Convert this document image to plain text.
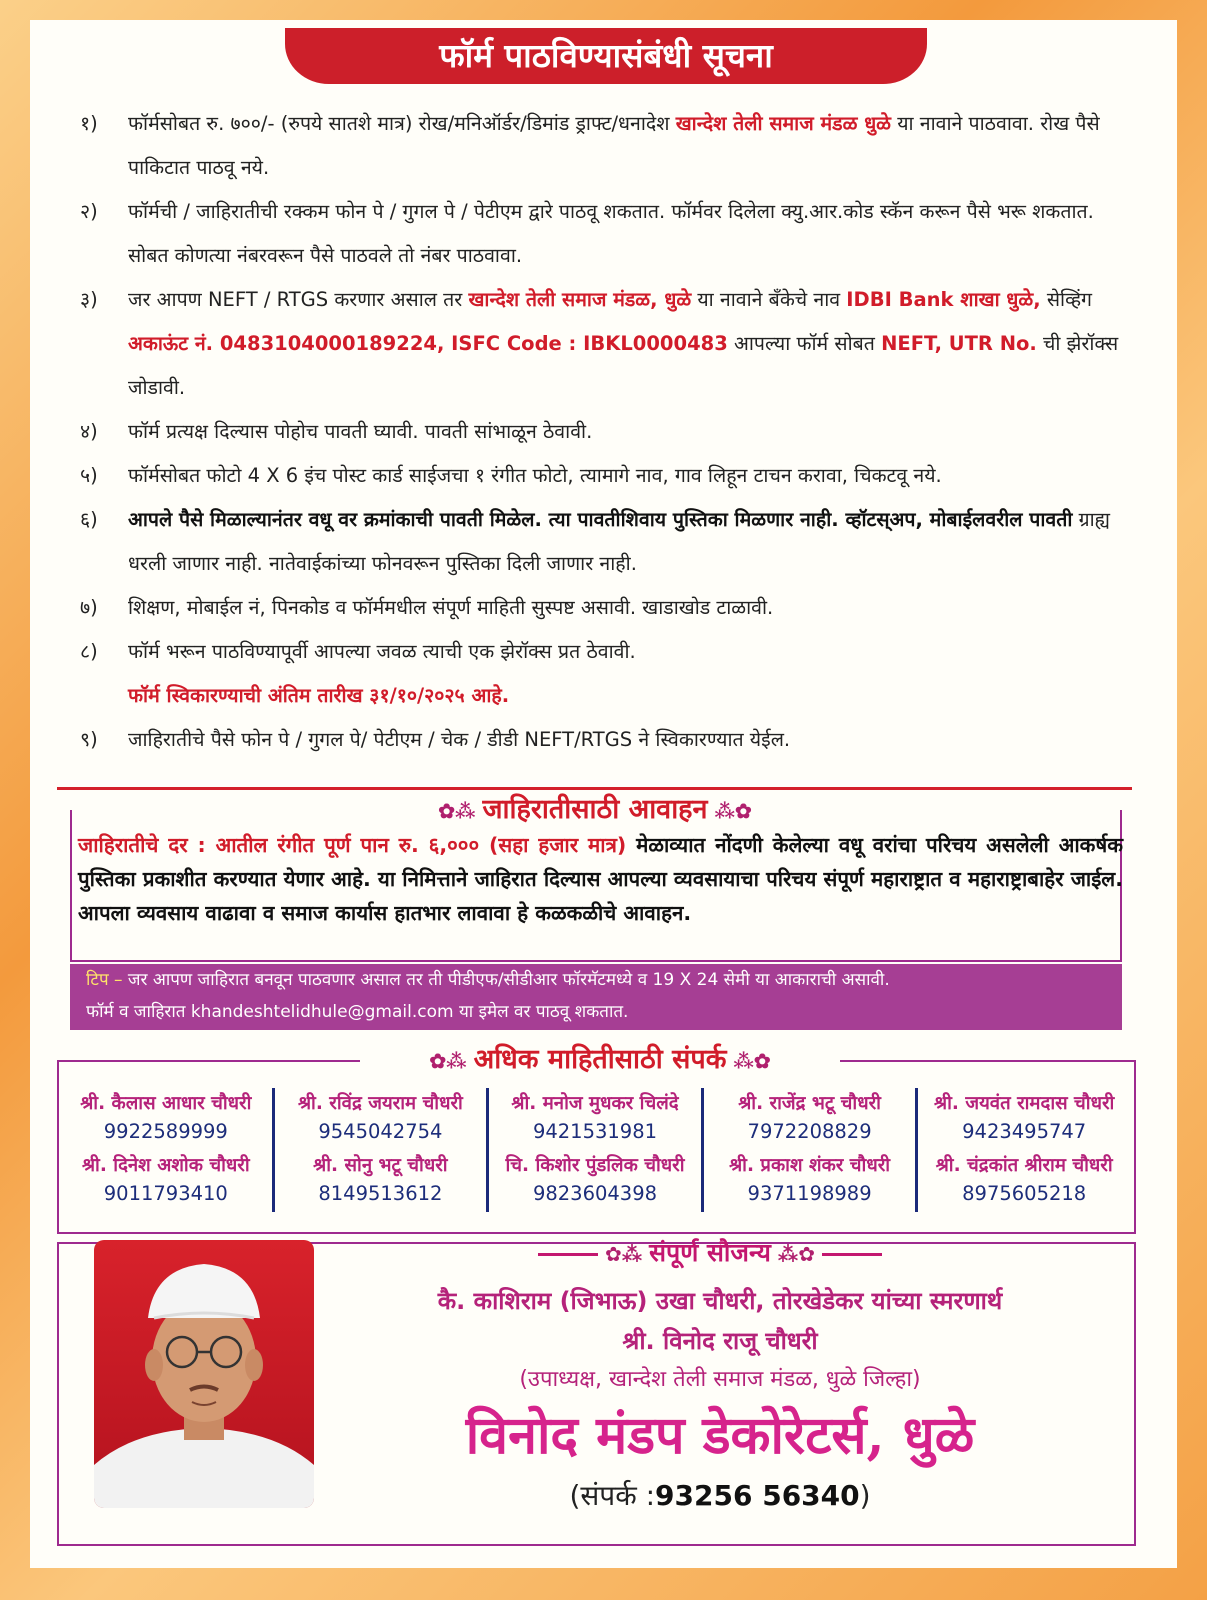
फॉर्म पाठविण्यासंबंधी सूचना
१)	फॉर्मसोबत रु. ७००/- (रुपये सातशे मात्र) रोख/मनिऑर्डर/डिमांड ड्राफ्ट/धनादेश खान्देश तेली समाज मंडळ धुळे या नावाने पाठवावा. रोख पैसे पाकिटात पाठवू नये.
२)	फॉर्मची / जाहिरातीची रक्कम फोन पे / गुगल पे / पेटीएम द्वारे पाठवू शकतात. फॉर्मवर दिलेला क्यु.आर.कोड स्कॅन करून पैसे भरू शकतात. सोबत कोणत्या नंबरवरून पैसे पाठवले तो नंबर पाठवावा.
३)	जर आपण NEFT / RTGS करणार असाल तर खान्देश तेली समाज मंडळ, धुळे या नावाने बँकेचे नाव IDBI Bank शाखा धुळे, सेव्हिंग अकाऊंट नं. 0483104000189224, ISFC Code : IBKL0000483 आपल्या फॉर्म सोबत NEFT, UTR No. ची झेरॉक्स जोडावी.
४)	फॉर्म प्रत्यक्ष दिल्यास पोहोच पावती घ्यावी. पावती सांभाळून ठेवावी.
५)	फॉर्मसोबत फोटो 4 X 6 इंच पोस्ट कार्ड साईजचा १ रंगीत फोटो, त्यामागे नाव, गाव लिहून टाचन करावा, चिकटवू नये.
६)	आपले पैसे मिळाल्यानंतर वधू वर क्रमांकाची पावती मिळेल. त्या पावतीशिवाय पुस्तिका मिळणार नाही. व्हॉटस्अप, मोबाईलवरील पावती ग्राह्य धरली जाणार नाही. नातेवाईकांच्या फोनवरून पुस्तिका दिली जाणार नाही.
७)	शिक्षण, मोबाईल नं, पिनकोड व फॉर्ममधील संपूर्ण माहिती सुस्पष्ट असावी. खाडाखोड टाळावी.
८)	फॉर्म भरून पाठविण्यापूर्वी आपल्या जवळ त्याची एक झेरॉक्स प्रत ठेवावी.
फॉर्म स्विकारण्याची अंतिम तारीख ३१/१०/२०२५ आहे.
९)	जाहिरातीचे पैसे फोन पे / गुगल पे/ पेटीएम / चेक / डीडी NEFT/RTGS ने स्विकारण्यात येईल.
✿⁂ जाहिरातीसाठी आवाहन ⁂✿
जाहिरातीचे दर : आतील रंगीत पूर्ण पान रु. ६,००० (सहा हजार मात्र) मेळाव्यात नोंदणी केलेल्या वधू वरांचा परिचय असलेली आकर्षक पुस्तिका प्रकाशीत करण्यात येणार आहे. या निमित्ताने जाहिरात दिल्यास आपल्या व्यवसायाचा परिचय संपूर्ण महाराष्ट्रात व महाराष्ट्राबाहेर जाईल. आपला व्यवसाय वाढावा व समाज कार्यास हातभार लावावा हे कळकळीचे आवाहन.
टिप – जर आपण जाहिरात बनवून पाठवणार असाल तर ती पीडीएफ/सीडीआर फॉरमॅटमध्ये व 19 X 24 सेमी या आकाराची असावी.
फॉर्म व जाहिरात khandeshtelidhule@gmail.com या इमेल वर पाठवू शकतात.
✿⁂ अधिक माहितीसाठी संपर्क ⁂✿
श्री. कैलास आधार चौधरी
9922589999
श्री. रविंद्र जयराम चौधरी
9545042754
श्री. मनोज मुधकर चिलंदे
9421531981
श्री. राजेंद्र भटू चौधरी
7972208829
श्री. जयवंत रामदास चौधरी
9423495747
श्री. दिनेश अशोक चौधरी
9011793410
श्री. सोनु भटू चौधरी
8149513612
चि. किशोर पुंडलिक चौधरी
9823604398
श्री. प्रकाश शंकर चौधरी
9371198989
श्री. चंद्रकांत श्रीराम चौधरी
8975605218
✿⁂ संपूर्ण सौजन्य ⁂✿
कै. काशिराम (जिभाऊ) उखा चौधरी, तोरखेडेकर यांच्या स्मरणार्थ
श्री. विनोद राजू चौधरी
(उपाध्यक्ष, खान्देश तेली समाज मंडळ, धुळे जिल्हा)
विनोद मंडप डेकोरेटर्स, धुळे
(संपर्क :93256 56340)
